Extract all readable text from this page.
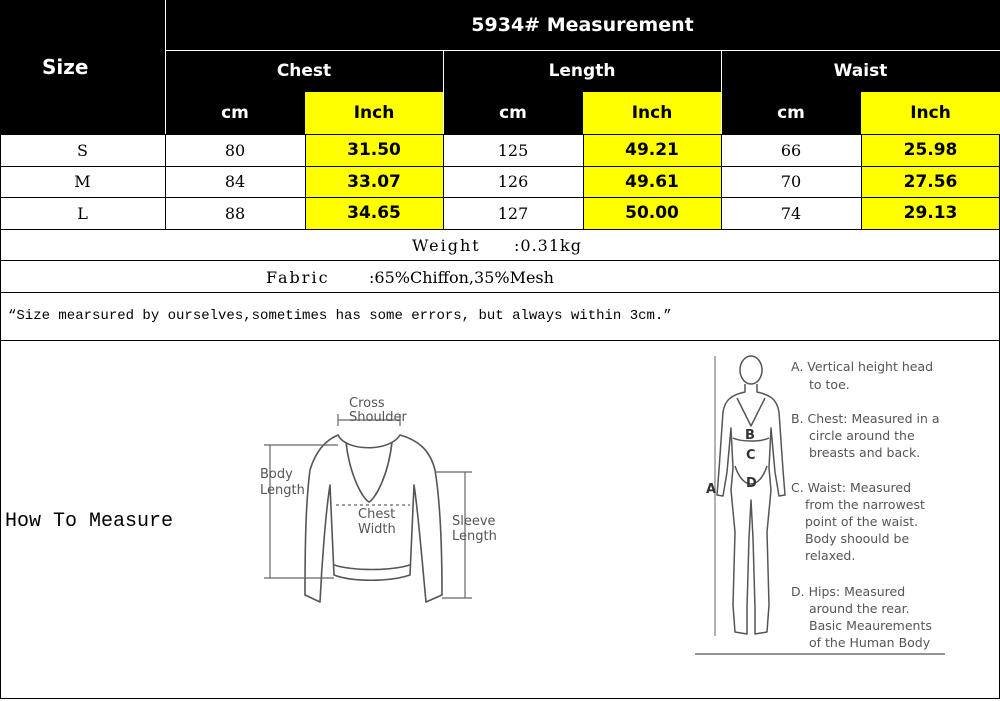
Size
5934# Measurement
Chest	Length	Waist
cm	Inch	cm	Inch	cm	Inch
S	80	31.50	125	49.21	66	25.98
M	84	33.07	126	49.61	70	27.56
L	88	34.65	127	50.00	74	29.13
Weight :0.31kg
Fabric :65%Chiffon,35%Mesh
“Size mearsured by ourselves,sometimes has some errors, but always within 3cm.”
How To Measure
Cross Shoulder Body Length Chest Width Sleeve Length
A
B
C
D
A. Vertical height head
to toe.
B. Chest: Measured in a
circle around the
breasts and back.
C. Waist: Measured
from the narrowest
point of the waist.
Body shoould be
relaxed.
D. Hips: Measured
around the rear.
Basic Meaurements
of the Human Body
